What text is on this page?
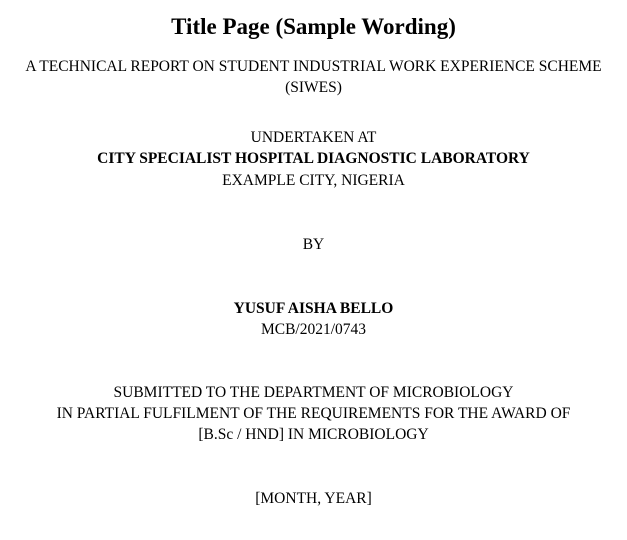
Title Page (Sample Wording)
A TECHNICAL REPORT ON STUDENT INDUSTRIAL WORK EXPERIENCE SCHEME
(SIWES)
UNDERTAKEN AT
CITY SPECIALIST HOSPITAL DIAGNOSTIC LABORATORY
EXAMPLE CITY, NIGERIA
BY
YUSUF AISHA BELLO
MCB/2021/0743
SUBMITTED TO THE DEPARTMENT OF MICROBIOLOGY
IN PARTIAL FULFILMENT OF THE REQUIREMENTS FOR THE AWARD OF
[B.Sc / HND] IN MICROBIOLOGY
[MONTH, YEAR]
